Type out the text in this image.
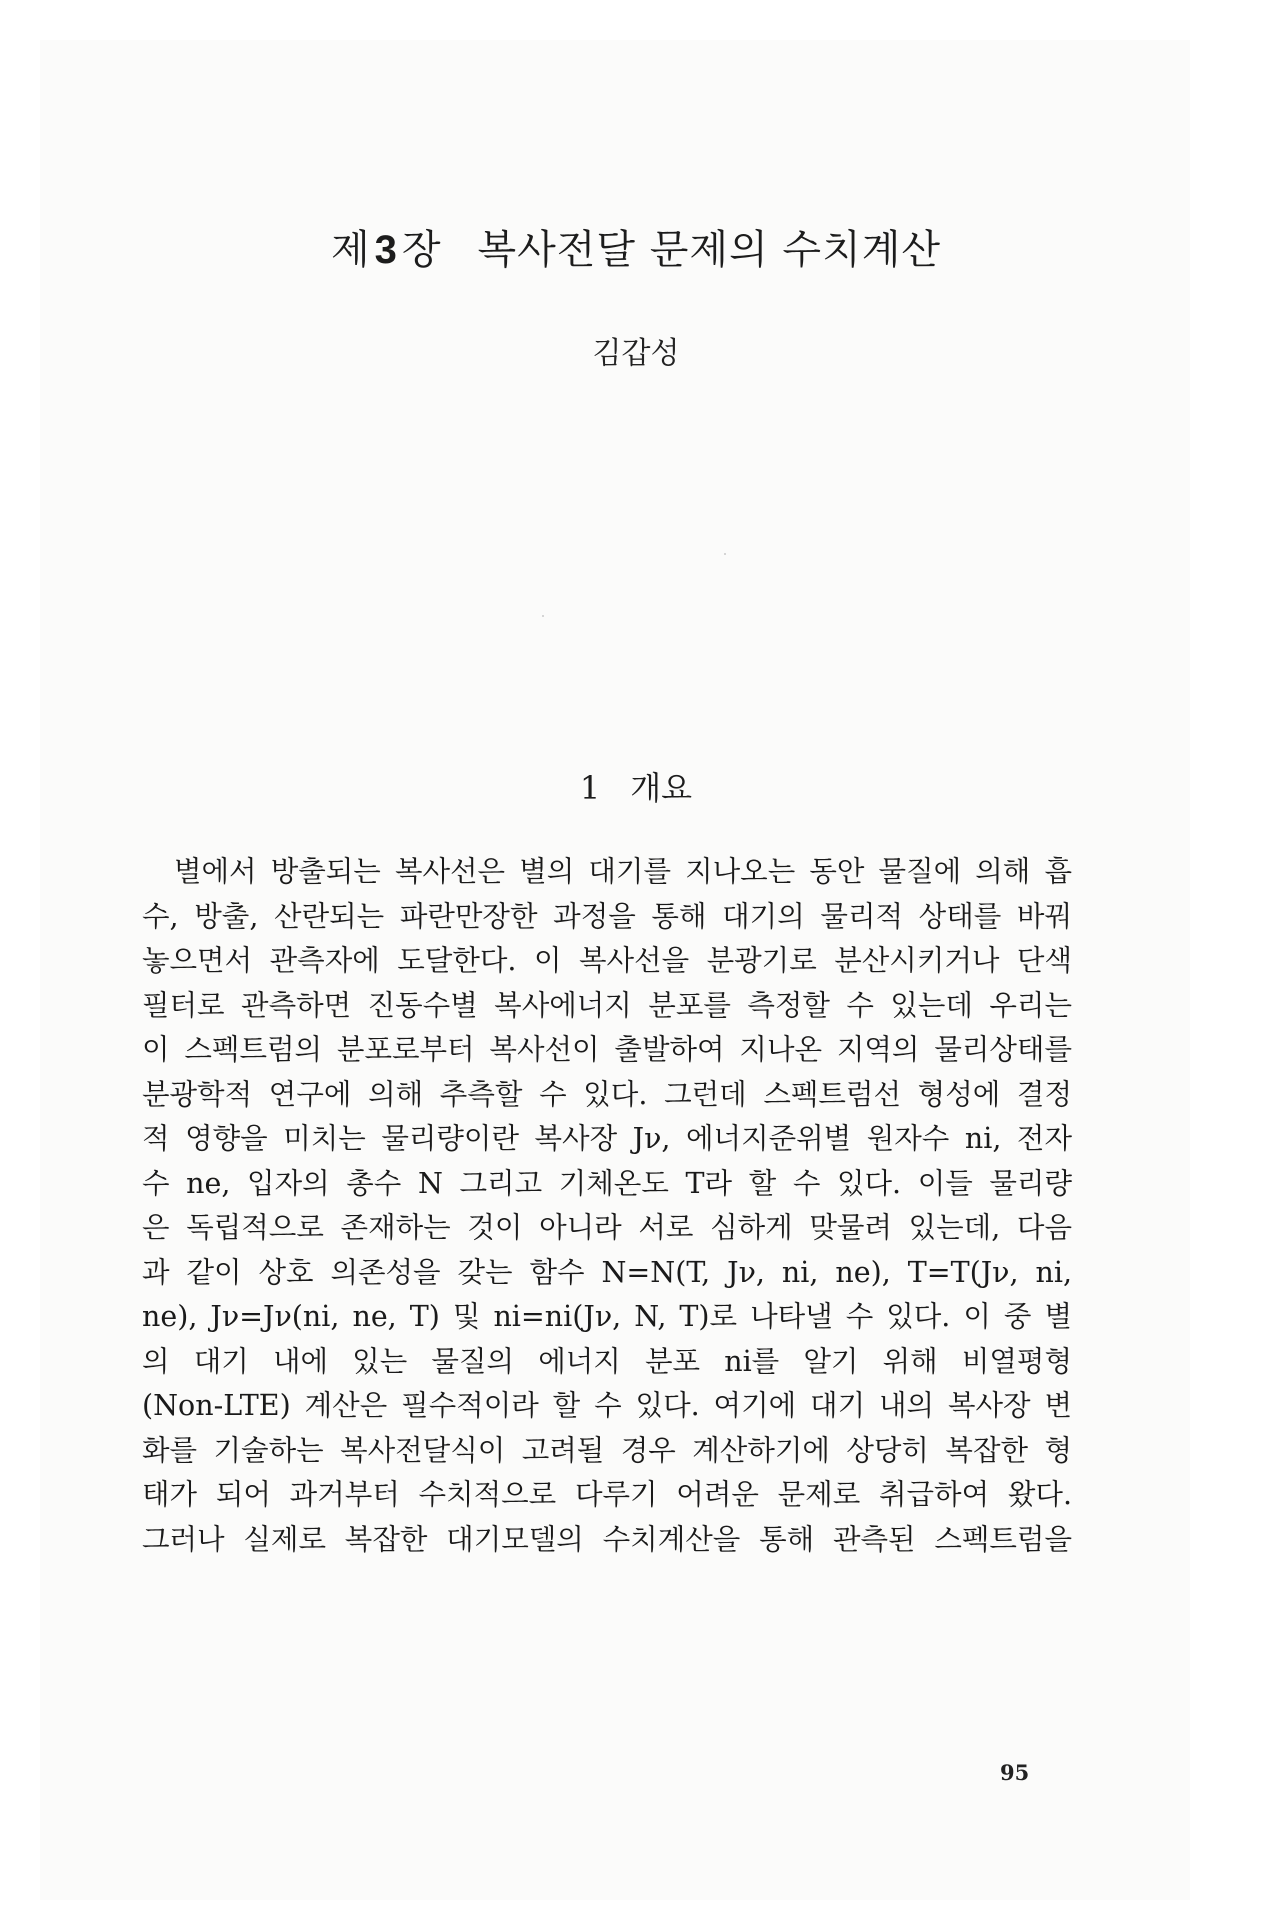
제 3 장 복사전달 문제의 수치계산
김갑성
1 개요
별에서 방출되는 복사선은 별의 대기를 지나오는 동안 물질에 의해 흡
수, 방출, 산란되는 파란만장한 과정을 통해 대기의 물리적 상태를 바꿔
놓으면서 관측자에 도달한다. 이 복사선을 분광기로 분산시키거나 단색
필터로 관측하면 진동수별 복사에너지 분포를 측정할 수 있는데 우리는
이 스펙트럼의 분포로부터 복사선이 출발하여 지나온 지역의 물리상태를
분광학적 연구에 의해 추측할 수 있다. 그런데 스펙트럼선 형성에 결정
적 영향을 미치는 물리량이란 복사장 Jν, 에너지준위별 원자수 ni, 전자
수 ne, 입자의 총수 N 그리고 기체온도 T라 할 수 있다. 이들 물리량
은 독립적으로 존재하는 것이 아니라 서로 심하게 맞물려 있는데, 다음
과 같이 상호 의존성을 갖는 함수 N=N(T, Jν, ni, ne), T=T(Jν, ni,
ne), Jν=Jν(ni, ne, T) 및 ni=ni(Jν, N, T)로 나타낼 수 있다. 이 중 별
의 대기 내에 있는 물질의 에너지 분포 ni를 알기 위해 비열평형
(Non-LTE) 계산은 필수적이라 할 수 있다. 여기에 대기 내의 복사장 변
화를 기술하는 복사전달식이 고려될 경우 계산하기에 상당히 복잡한 형
태가 되어 과거부터 수치적으로 다루기 어려운 문제로 취급하여 왔다.
그러나 실제로 복잡한 대기모델의 수치계산을 통해 관측된 스펙트럼을
95
